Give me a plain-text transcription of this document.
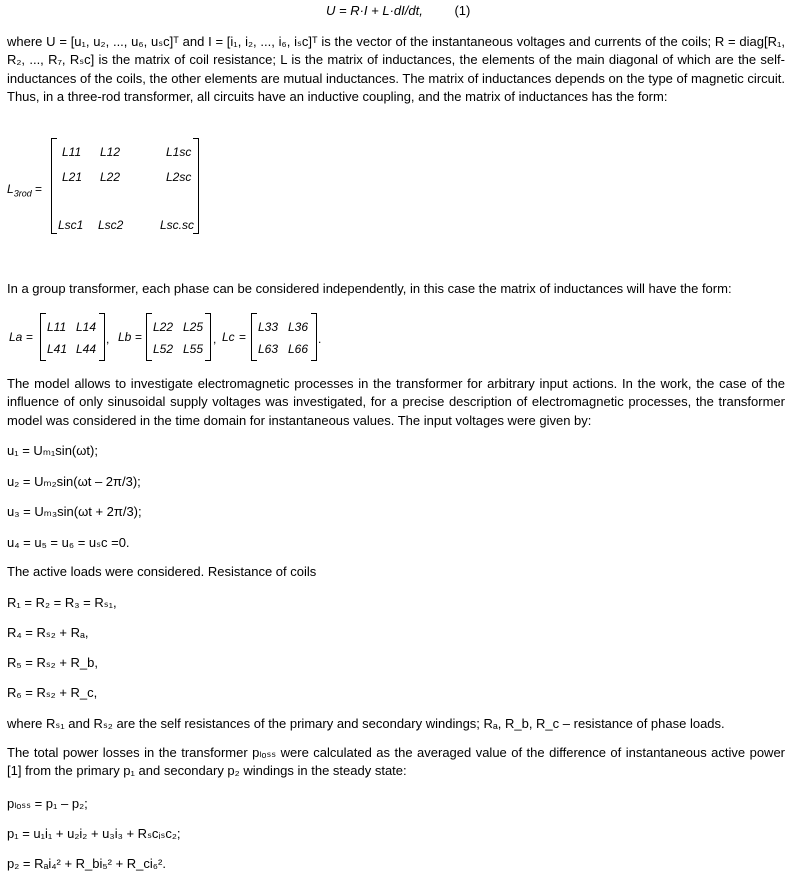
U = R·I + L·dI/dt, (1)
where U = [u₁, u₂, ..., u₆, uₛc]ᵀ and I = [i₁, i₂, ..., i₆, iₛc]ᵀ is the vector of the instantaneous voltages and currents of the coils; R = diag[R₁, R₂, ..., R₇, Rₛc] is the matrix of coil resistance; L is the matrix of inductances, the elements of the main diagonal of which are the self-inductances of the coils, the other elements are mutual inductances. The matrix of inductances depends on the type of magnetic circuit. Thus, in a three-rod transformer, all circuits have an inductive coupling, and the matrix of inductances has the form:
$L_{3rod}$ =
L11 L12	L1sc
L21 L22	L2sc
Lsc1 Lsc2	Lsc.sc
In a group transformer, each phase can be considered independently, in this case the matrix of inductances will have the form:
La =
L11 L14
L41 L44
, Lb =
L22 L25
L52 L55
, Lc =
L33 L36
L63 L66
.
The model allows to investigate electromagnetic processes in the transformer for arbitrary input actions. In the work, the case of the influence of only sinusoidal supply voltages was investigated, for a precise description of electromagnetic processes, the transformer model was considered in the time domain for instantaneous values. The input voltages were given by:
u₁ = Uₘ₁sin(ωt);
u₂ = Uₘ₂sin(ωt – 2π/3);
u₃ = Uₘ₃sin(ωt + 2π/3);
u₄ = u₅ = u₆ = uₛc =0.
The active loads were considered. Resistance of coils
R₁ = R₂ = R₃ = Rₛ₁,
R₄ = Rₛ₂ + Rₐ,
R₅ = Rₛ₂ + R_b,
R₆ = Rₛ₂ + R_c,
where Rₛ₁ and Rₛ₂ are the self resistances of the primary and secondary windings; Rₐ, R_b, R_c – resistance of phase loads.
The total power losses in the transformer pₗₒₛₛ were calculated as the averaged value of the difference of instantaneous active power [1] from the primary p₁ and secondary p₂ windings in the steady state:
pₗₒₛₛ = p₁ – p₂;
p₁ = u₁i₁ + u₂i₂ + u₃i₃ + Rₛcᵢₛc₂;
p₂ = Rₐi₄² + R_bi₅² + R_ci₆².
